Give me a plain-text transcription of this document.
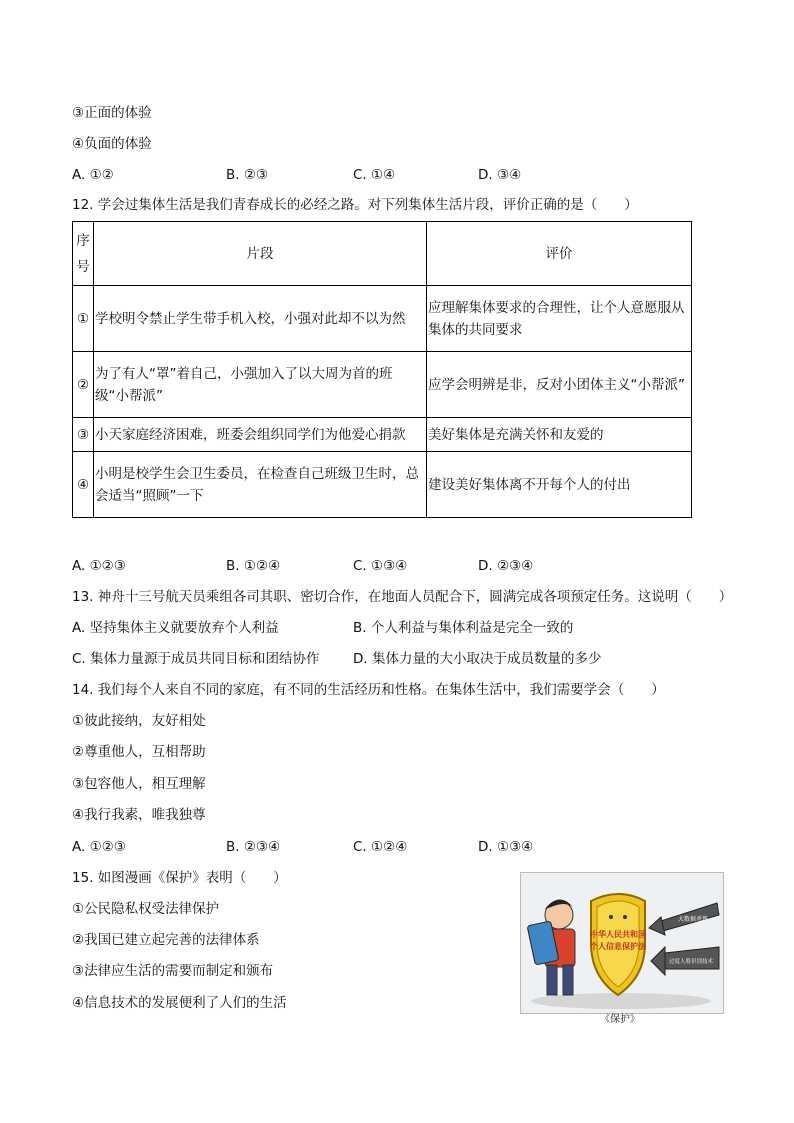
③正面的体验
④负面的体验
A. ①②	B. ②③	C. ①④	D. ③④
12. 学会过集体生活是我们青春成长的必经之路。对下列集体生活片段，评价正确的是（　　）
序号	片段	评价
①	学校明令禁止学生带手机入校，小强对此却不以为然	应理解集体要求的合理性，让个人意愿服从集体的共同要求
②	为了有人“罩”着自己，小强加入了以大周为首的班级“小帮派”	应学会明辨是非，反对小团体主义“小帮派”
③	小天家庭经济困难，班委会组织同学们为他爱心捐款	美好集体是充满关怀和友爱的
④	小明是校学生会卫生委员，在检查自己班级卫生时，总会适当“照顾”一下	建设美好集体离不开每个人的付出
A. ①②③	B. ①②④	C. ①③④	D. ②③④
13. 神舟十三号航天员乘组各司其职、密切合作，在地面人员配合下，圆满完成各项预定任务。这说明（　　）
A. 坚持集体主义就要放弃个人利益	B. 个人利益与集体利益是完全一致的
C. 集体力量源于成员共同目标和团结协作 D. 集体力量的大小取决于成员数量的多少
14. 我们每个人来自不同的家庭，有不同的生活经历和性格。在集体生活中，我们需要学会（　　）
①彼此接纳，友好相处
②尊重他人，互相帮助
③包容他人，相互理解
④我行我素，唯我独尊
A. ①②③	B. ②③④	C. ①②④	D. ①③④
15. 如图漫画《保护》表明（　　）
①公民隐私权受法律保护
②我国已建立起完善的法律体系
③法律应生活的需要而制定和颁布
④信息技术的发展便利了人们的生活
中华人民共和国
个人信息保护法
大数据杀熟
过度人脸识别技术
《保护》
